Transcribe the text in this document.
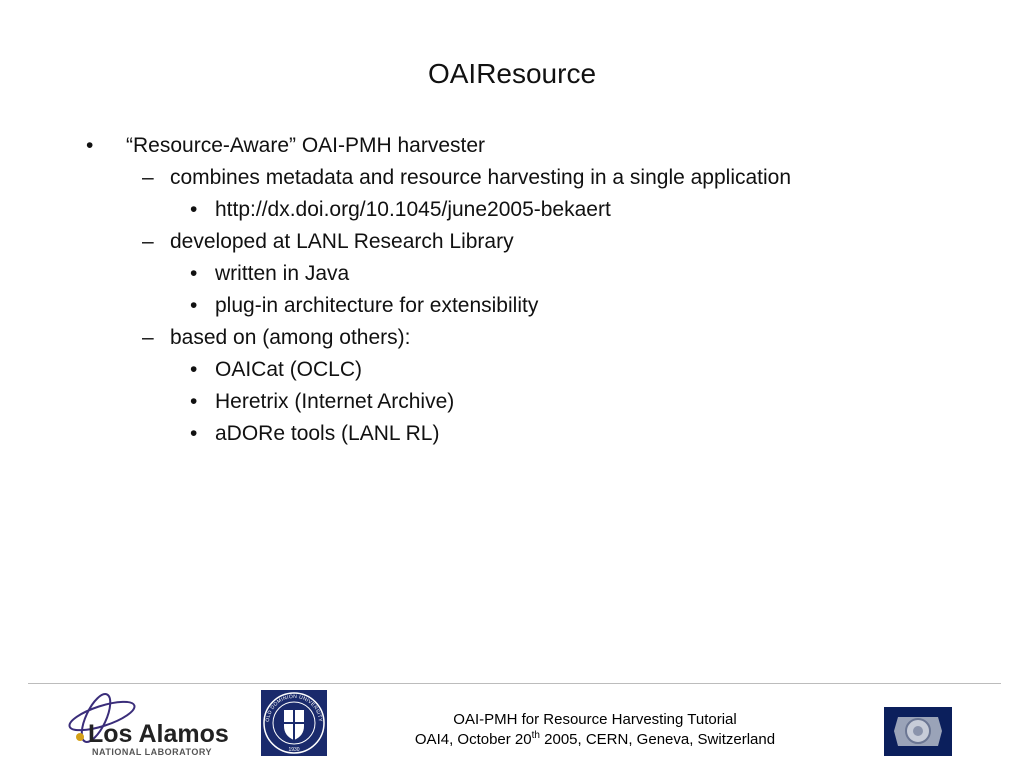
OAIResource
• “Resource-Aware” OAI-PMH harvester
– combines metadata and resource harvesting in a single application
• http://dx.doi.org/10.1045/june2005-bekaert
– developed at LANL Research Library
• written in Java
• plug-in architecture for extensibility
– based on (among others):
• OAICat (OCLC)
• Heretrix (Internet Archive)
• aDORe tools (LANL RL)
Los Alamos
NATIONAL LABORATORY
OLD DOMINION UNIVERSITY
1930
OAI-PMH for Resource Harvesting Tutorial
OAI4, October 20th 2005, CERN, Geneva, Switzerland
